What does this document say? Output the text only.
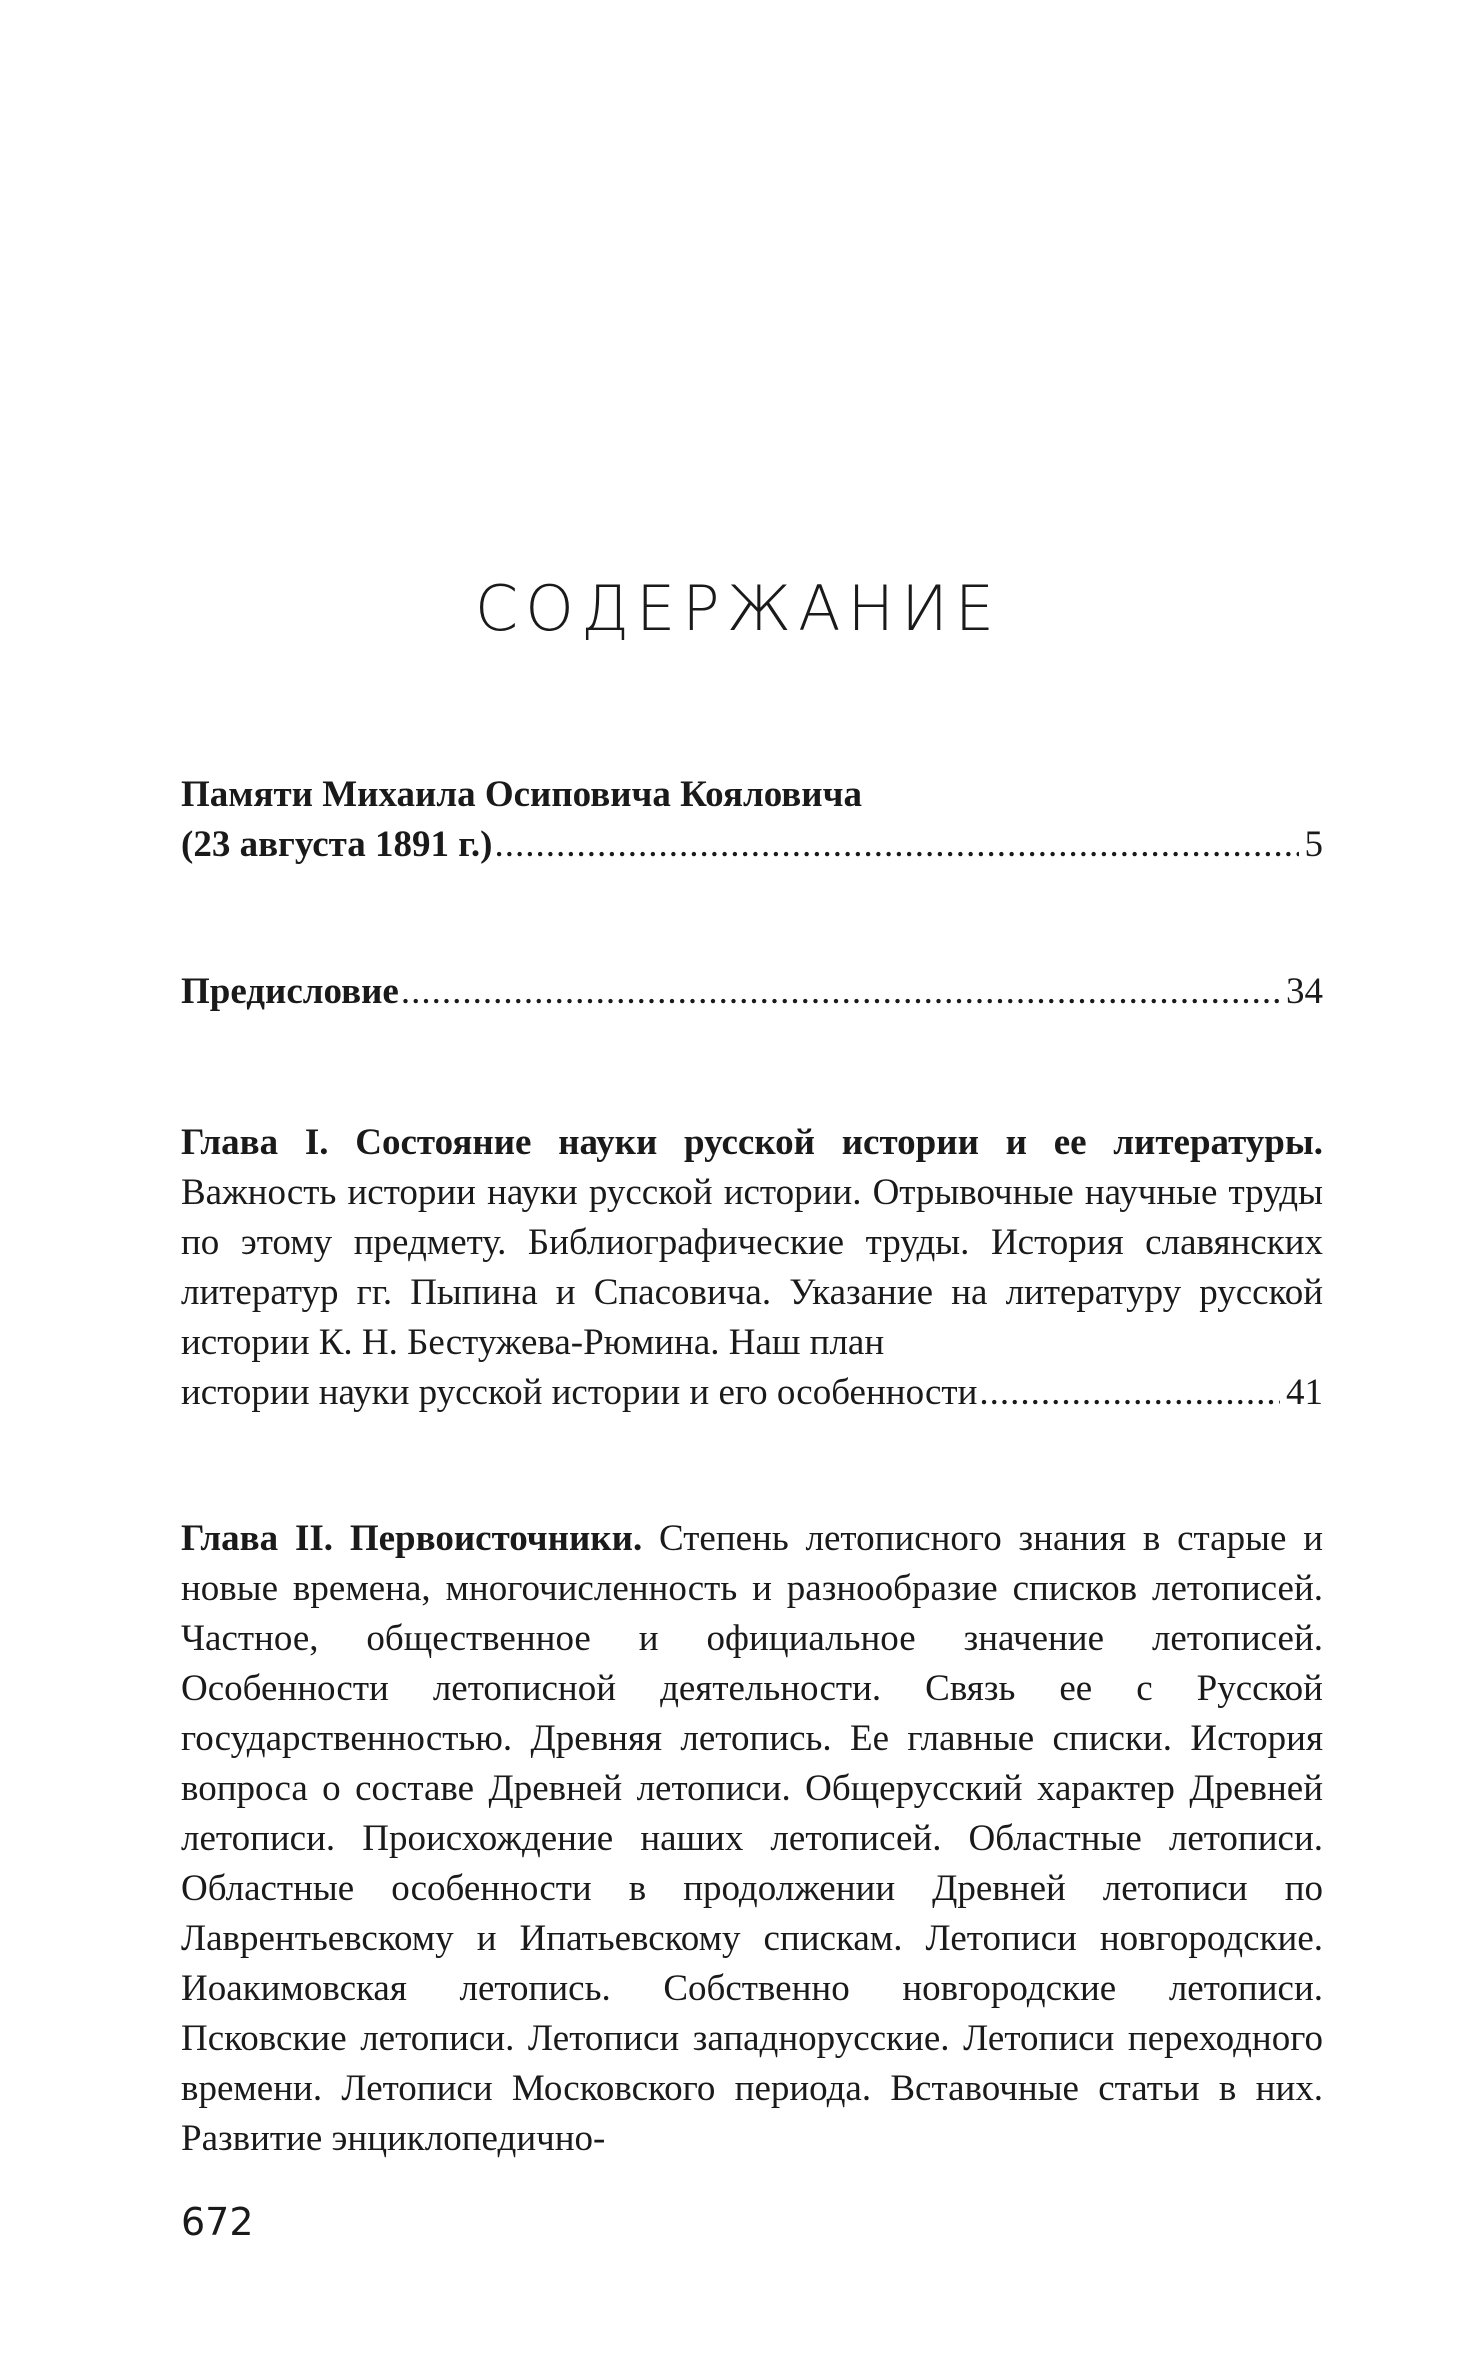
СОДЕРЖАНИЕ
Памяти Михаила Осиповича Кояловича
(23 августа 1891 г.) .....	5
Предисловие .....	34

Глава I. Состояние науки русской истории и ее литературы. Важность истории науки русской истории. Отрывочные научные труды по этому предмету. Библиографические труды. История славянских литератур гг. Пыпина и Спасовича. Указание на литературу русской истории К. Н. Бестужева-Рюмина. Наш план

истории науки русской истории и его особенности .....	41

Глава II. Первоисточники. Степень летописного знания в старые и новые времена, многочисленность и разнообразие списков летописей. Частное, общественное и официальное значение летописей. Особенности летописной деятельности. Связь ее с Русской государственностью. Древняя летопись. Ее главные списки. История вопроса о составе Древней летописи. Общерусский характер Древней летописи. Происхождение наших летописей. Областные летописи. Областные особенности в продолжении Древней летописи по Лаврентьевскому и Ипатьевскому спискам. Летописи новгородские. Иоакимовская летопись. Собственно новгородские летописи. Псковские летописи. Летописи западнорусские. Летописи переходного времени. Летописи Московского периода. Вставочные статьи в них. Развитие энциклопедично-

672
